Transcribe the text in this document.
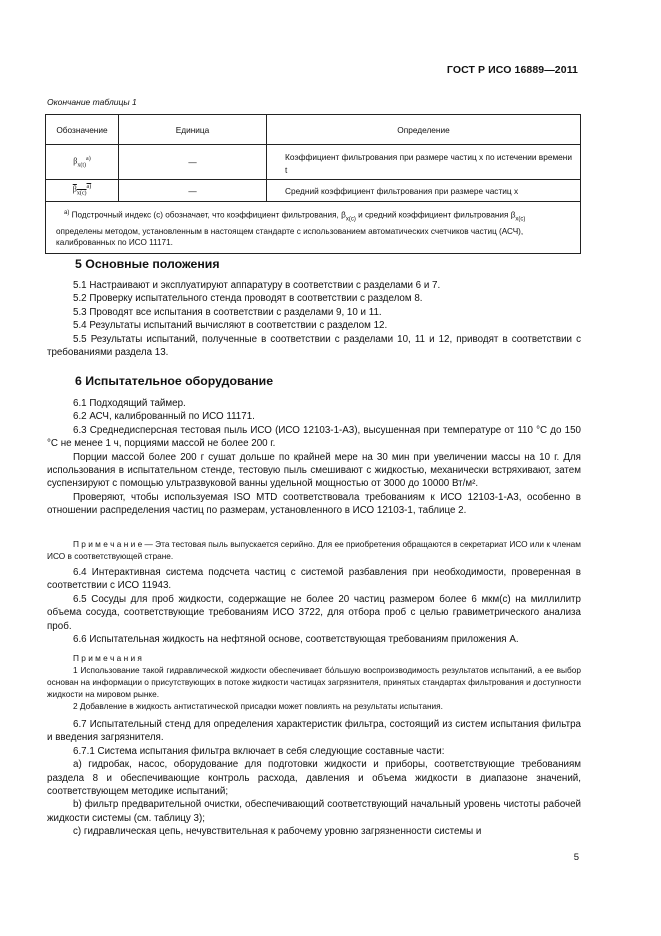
ГОСТ Р ИСО 16889—2011
Окончание таблицы 1
Обозначение	Единица	Определение
$\beta_{x(t)}^{a)}$	—	Коэффициент фильтрования при размере частиц x по истечении времени t
$\beta_{x(c)}^{a)}$	—	Средний коэффициент фильтрования при размере частиц x
$^{a)}$ Подстрочный индекс (с) обозначает, что коэффициент фильтрования, $\beta_{x(c)}$ и средний коэффициент фильтрования $\beta_{x(c)}$ определены методом, установленным в настоящем стандарте с использованием автоматических счетчиков частиц (АСЧ), калиброванных по ИСО 11171.
5 Основные положения

5.1 Настраивают и эксплуатируют аппаратуру в соответствии с разделами 6 и 7.

5.2 Проверку испытательного стенда проводят в соответствии с разделом 8.

5.3 Проводят все испытания в соответствии с разделами 9, 10 и 11.

5.4 Результаты испытаний вычисляют в соответствии с разделом 12.

5.5 Результаты испытаний, полученные в соответствии с разделами 10, 11 и 12, приводят в соответствии с требованиями раздела 13.

6 Испытательное оборудование

6.1 Подходящий таймер.

6.2 АСЧ, калиброванный по ИСО 11171.

6.3 Среднедисперсная тестовая пыль ИСО (ИСО 12103-1-А3), высушенная при температуре от 110 °С до 150 °С не менее 1 ч, порциями массой не более 200 г.

Порции массой более 200 г сушат дольше по крайней мере на 30 мин при увеличении массы на 10 г. Для использования в испытательном стенде, тестовую пыль смешивают с жидкостью, механически встряхивают, затем суспензируют с помощью ультразвуковой ванны удельной мощностью от 3000 до 10000 Вт/м².

Проверяют, чтобы используемая ISO MTD соответствовала требованиям к ИСО 12103-1-А3, особенно в отношении распределения частиц по размерам, установленного в ИСО 12103-1, таблице 2.

П р и м е ч а н и е — Эта тестовая пыль выпускается серийно. Для ее приобретения обращаются в секретариат ИСО или к членам ИСО в соответствующей стране.

6.4 Интерактивная система подсчета частиц с системой разбавления при необходимости, проверенная в соответствии с ИСО 11943.

6.5 Сосуды для проб жидкости, содержащие не более 20 частиц размером более 6 мкм(с) на миллилитр объема сосуда, соответствующие требованиям ИСО 3722, для отбора проб с целью гравиметрического анализа проб.

6.6 Испытательная жидкость на нефтяной основе, соответствующая требованиям приложения А.

П р и м е ч а н и я

1 Использование такой гидравлической жидкости обеспечивает бо́льшую воспроизводимость результатов испытаний, а ее выбор основан на информации о присутствующих в потоке жидкости частицах загрязнителя, принятых стандартах фильтрования и доступности жидкости на мировом рынке.

2 Добавление в жидкость антистатической присадки может повлиять на результаты испытания.

6.7 Испытательный стенд для определения характеристик фильтра, состоящий из систем испытания фильтра и введения загрязнителя.

6.7.1 Система испытания фильтра включает в себя следующие составные части:

a) гидробак, насос, оборудование для подготовки жидкости и приборы, соответствующие требованиям раздела 8 и обеспечивающие контроль расхода, давления и объема жидкости в диапазоне значений, соответствующем методике испытаний;

b) фильтр предварительной очистки, обеспечивающий соответствующий начальный уровень чистоты рабочей жидкости системы (см. таблицу 3);

c) гидравлическая цепь, нечувствительная к рабочему уровню загрязненности системы и

5
